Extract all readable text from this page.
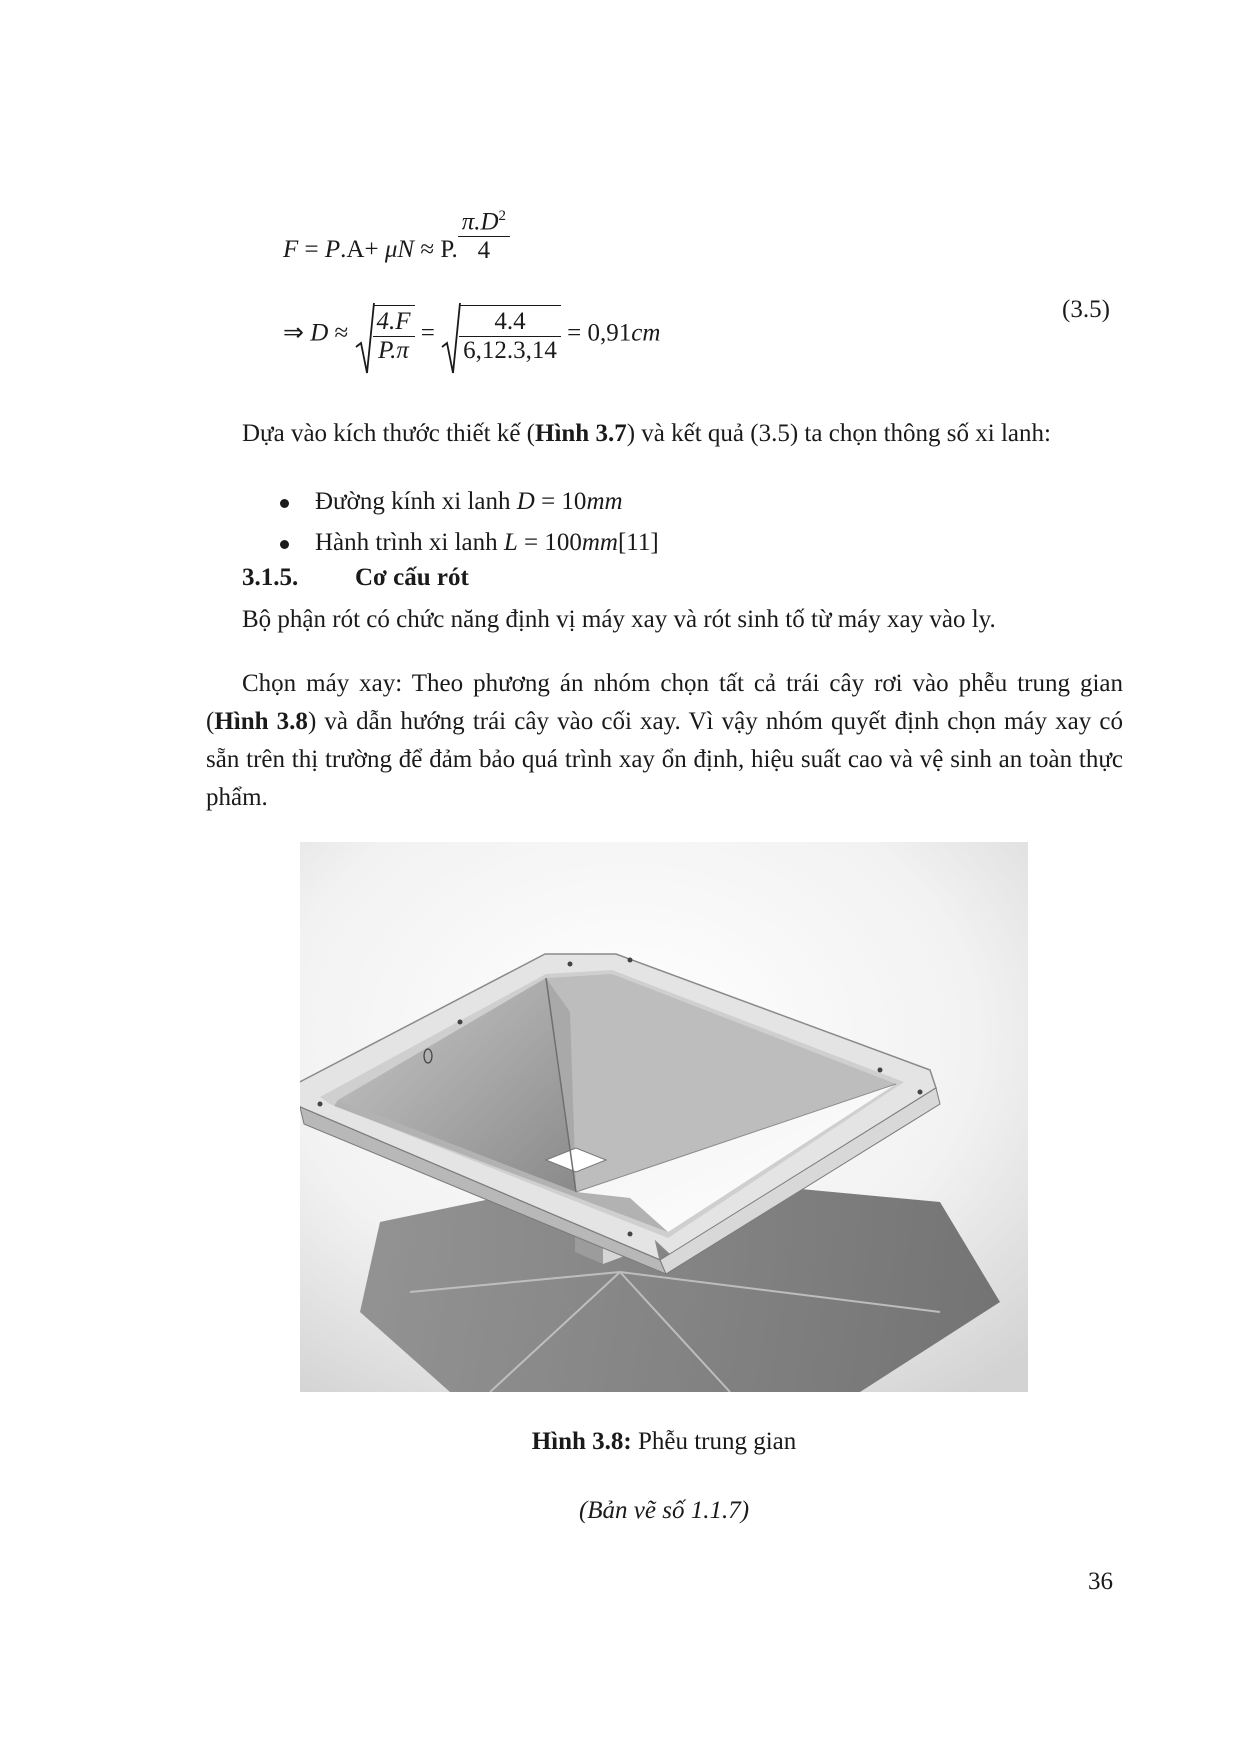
F = P.A+ μN ≈ P. $\frac{\pi.D^2}{4}$
⇒ $D \approx \frac{4.F}{P.\pi} = \frac{4.4}{6,12.3,14} = 0,91cm$
(3.5)
Dựa vào kích thước thiết kế (Hình 3.7) và kết quả (3.5) ta chọn thông số xi lanh:
Đường kính xi lanh D = 10mm
Hành trình xi lanh L = 100mm[11]
3.1.5. Cơ cấu rót
Bộ phận rót có chức năng định vị máy xay và rót sinh tố từ máy xay vào ly.
Chọn máy xay: Theo phương án nhóm chọn tất cả trái cây rơi vào phễu trung gian (Hình 3.8) và dẫn hướng trái cây vào cối xay. Vì vậy nhóm quyết định chọn máy xay có sẵn trên thị trường để đảm bảo quá trình xay ổn định, hiệu suất cao và vệ sinh an toàn thực phẩm.
Hình 3.8: Phễu trung gian
(Bản vẽ số 1.1.7)
36
